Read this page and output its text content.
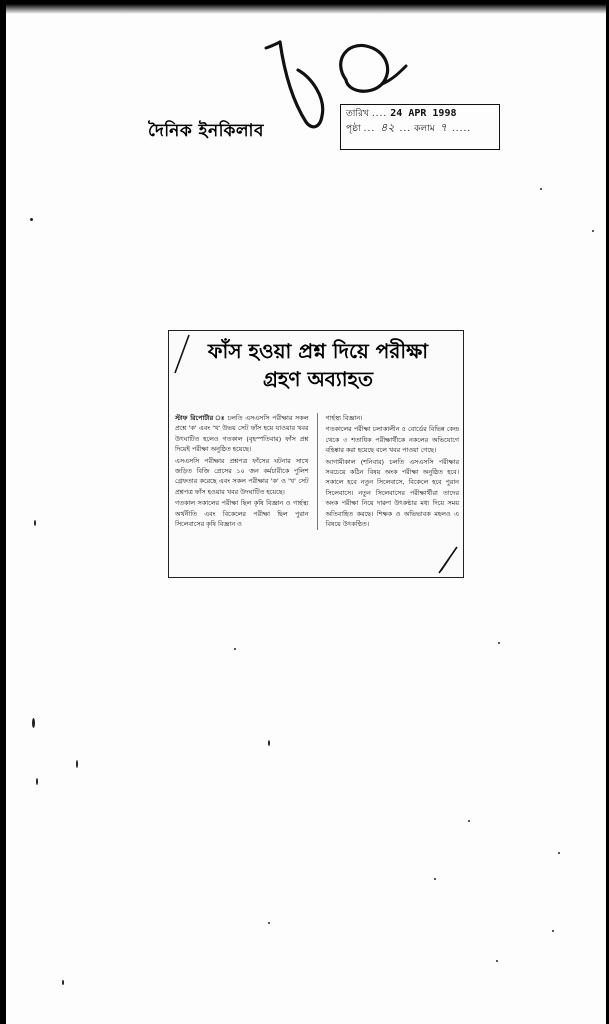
দৈনিক ইনকিলাব
তারিখ .... 24 APR 1998
পৃষ্ঠা ... ৪২ ... কলাম ৭ .....
ফাঁস হওয়া প্রশ্ন দিয়ে পরীক্ষা
গ্রহণ অব্যাহত

স্টাফ রিপোর্টার ঃ চলতি এসএসসি পরীক্ষার সকল প্রশ্নে 'ক' এবং 'খ' উভয় সেট ফাঁস হয়ে যাওয়ার খবর উৎঘাটিত হলেও গতকাল (বৃহস্পতিবার) ফাঁস প্রশ্ন দিয়েই পরীক্ষা অনুষ্ঠিত হয়েছে।

এসএসসি পরীক্ষার প্রশ্নপত্র ফাঁসের ঘটনার সাথে জড়িত বিজি প্রেসের ১০ জন কর্মচারীকে পুলিশ গ্রেফতার করেছে এবং সকল পরীক্ষার 'ক' ও 'খ' সেট প্রশ্নপত্র ফাঁস হওয়ার খবর উদঘাটিত হয়েছে।

গতকাল সকালের পরীক্ষা ছিল কৃষি বিজ্ঞান ও গার্হস্থ্য অর্থনীতি এবং বিকেলের পরীক্ষা ছিল পুরান সিলেবাসের কৃষি বিজ্ঞান ও

গার্হস্থ্য বিজ্ঞান।

গতকালের পরীক্ষা চলাকালীন ৫ বোর্ডের বিভিন্ন কেন্দ্র থেকে ৩ শতাধিক পরীক্ষার্থীকে নকলের অভিযোগে বহিষ্কার করা হয়েছে বলে খবর পাওয়া গেছে।

আগামীকাল (শনিবার) চলতি এসএসসি পরীক্ষার সবচেয়ে কঠিন বিষয় অংক পরীক্ষা অনুষ্ঠিত হবে। সকালে হবে নতুন সিলেবাসে, বিকেলে হবে পুরান সিলেবাসে। নতুন সিলেবাসের পরীক্ষার্থীরা তাদের অংক পরীক্ষা নিয়ে দারুণ উৎকণ্ঠার মধ্য দিয়ে সময় অতিবাহিত করছে। শিক্ষক ও অভিভাবক মহলও এ বিষয়ে উৎকণ্ঠিত।
